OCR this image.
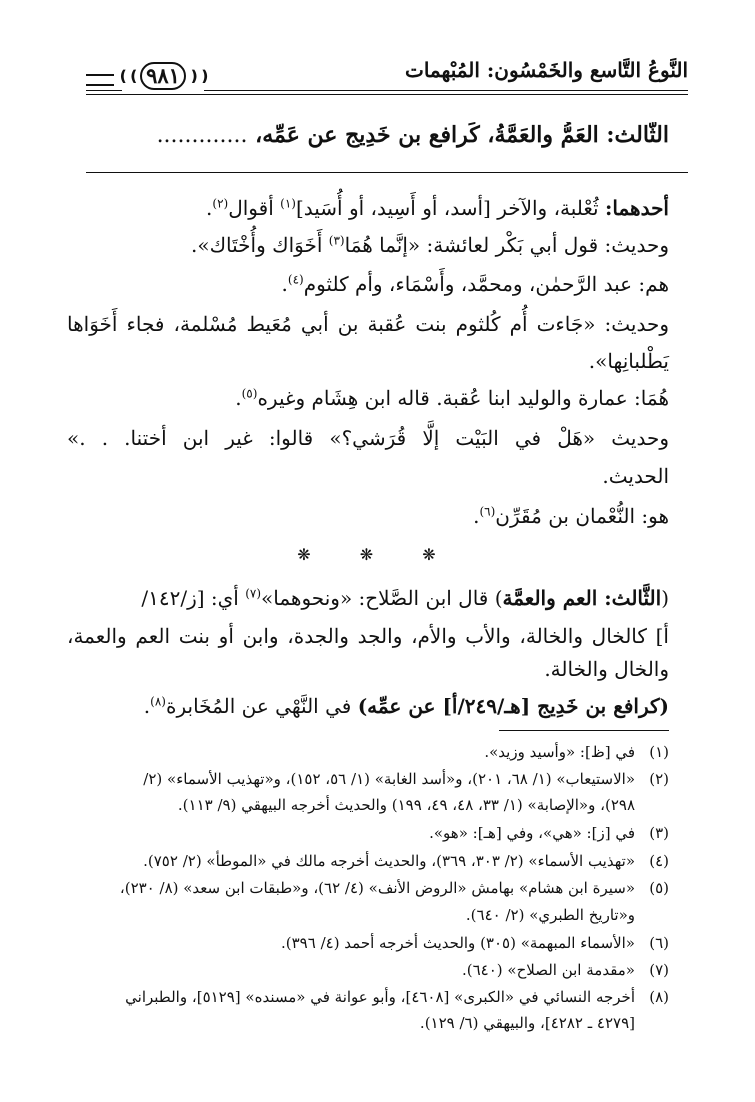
النَّوعُ التَّاسع والخَمْسُون: المُبْهمات
❪❪ ٩٨١ ❫❫
الثَّالث: العَمُّ والعَمَّةُ، كَرافع بن خَدِيج عن عَمِّه، .............
أحدهما: ثُعْلبة، والآخر [أسد، أو أَسِيد، أو أُسَيد]$^{(١)}$ أقوال$^{(٢)}$.
وحديث: قول أبي بَكْر لعائشة: «إنَّما هُمَا$^{(٣)}$ أَخَوَاك وأُخْتَاك».
هم: عبد الرَّحمٰن، ومحمَّد، وأَسْمَاء، وأم كلثوم$^{(٤)}$.
وحديث: «جَاءت أُم كُلثوم بنت عُقبة بن أبي مُعَيط مُسْلمة، فجاء أَخَوَاها
يَطْلبانِها».
هُمَا: عمارة والوليد ابنا عُقبة. قاله ابن هِشَام وغيره$^{(٥)}$.
وحديث «هَلْ في البَيْت إلَّا قُرَشي؟» قالوا: غير ابن أختنا. . .»
الحديث.
هو: النُّعْمان بن مُقَرِّن$^{(٦)}$.
❋ ❋ ❋
(الثَّالث: العم والعمَّة) قال ابن الصَّلاح: «ونحوهما»$^{(٧)}$ أي: [ز/١٤٢/
أ] كالخال والخالة، والأب والأم، والجد والجدة، وابن أو بنت العم والعمة،
والخال والخالة.
(كرافع بن خَدِيج [هـ/٢٤٩/أ] عن عمِّه) في النَّهْي عن المُخَابرة$^{(٨)}$.
(١)في [ظ]: «وأسيد وزيد».
(٢)«الاستيعاب» (١/ ٦٨، ٢٠١)، و«أسد الغابة» (١/ ٥٦، ١٥٢)، و«تهذيب الأسماء» (٢/
٢٩٨)، و«الإصابة» (١/ ٣٣، ٤٨، ٤٩، ١٩٩) والحديث أخرجه البيهقي (٩/ ١١٣).
(٣)في [ز]: «هي»، وفي [هـ]: «هو».
(٤)«تهذيب الأسماء» (٢/ ٣٠٣، ٣٦٩)، والحديث أخرجه مالك في «الموطأ» (٢/ ٧٥٢).
(٥)«سيرة ابن هشام» بهامش «الروض الأنف» (٤/ ٦٢)، و«طبقات ابن سعد» (٨/ ٢٣٠)،
و«تاريخ الطبري» (٢/ ٦٤٠).
(٦)«الأسماء المبهمة» (٣٠٥) والحديث أخرجه أحمد (٤/ ٣٩٦).
(٧)«مقدمة ابن الصلاح» (٦٤٠).
(٨)أخرجه النسائي في «الكبرى» [٤٦٠٨]، وأبو عوانة في «مسنده» [٥١٢٩]، والطبراني
[٤٢٧٩ ـ ٤٢٨٢]، والبيهقي (٦/ ١٢٩).
